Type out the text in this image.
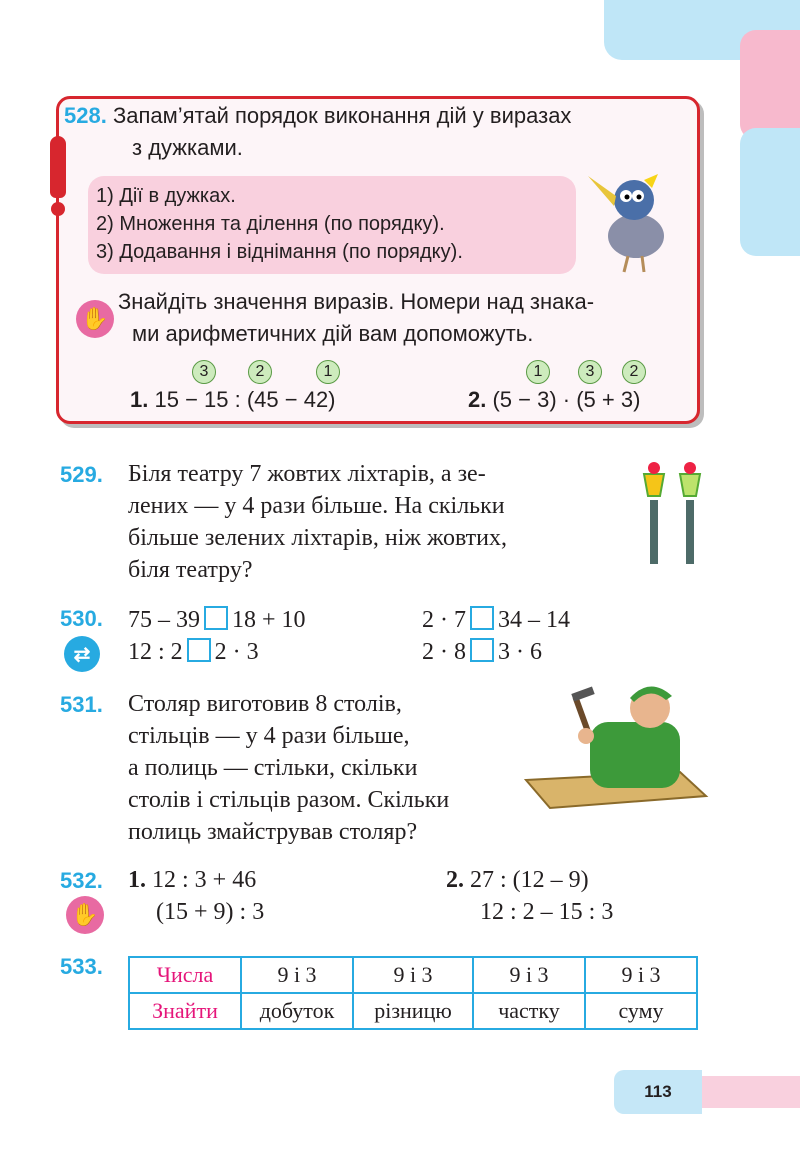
528. Запам’ятай порядок виконання дій у виразах
з дужками.
1) Дії в дужках.
2) Множення та ділення (по порядку).
3) Додавання і віднімання (по порядку).
✋
Знайдіть значення виразів. Номери над знака-
ми арифметичних дій вам допоможуть.
3	2	1	1	3	2
1. 15 − 15 : (45 − 42)	2. (5 − 3) · (5 + 3)
529. Біля театру 7 жовтих ліхтарів, а зе-
лених — у 4 рази більше. На скільки
більше зелених ліхтарів, ніж жовтих,
біля театру?
530.
⇄
75 – 39 18 + 10	2 · 7 34 – 14
12 : 2 2 · 3	2 · 8 3 · 6
531. Столяр виготовив 8 столів,
стільців — у 4 рази більше,
а полиць — стільки, скільки
столів і стільців разом. Скільки
полиць змайстрував столяр?
532.
✋
1. 12 : 3 + 46
(15 + 9) : 3
2. 27 : (12 – 9)
12 : 2 – 15 : 3
533. Числа	9 і 3	9 і 3	9 і 3	9 і 3
Знайти	добуток	різницю	частку	суму
113
